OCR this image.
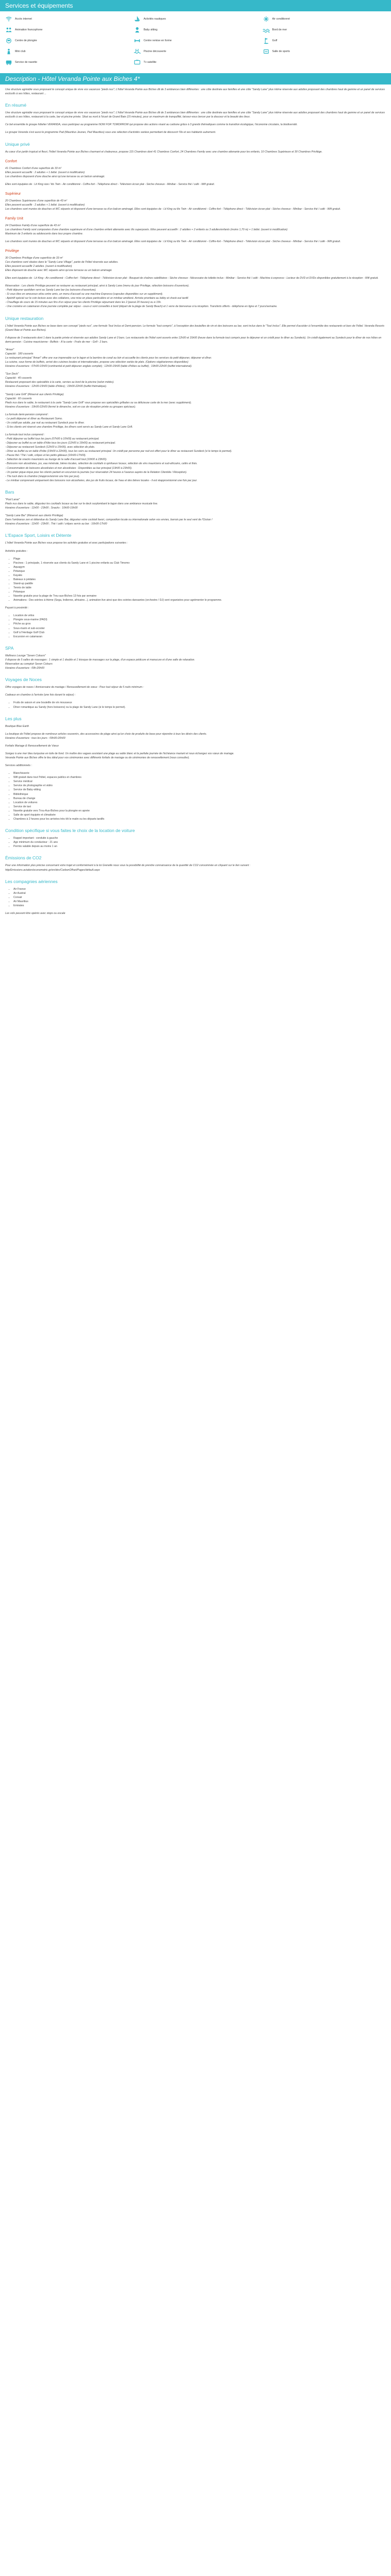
Services et équipements
Accès internet	Activités nautiques	Air conditionné
Animation francophone	Baby sitting	Bord de mer
Centre de plongée	Centre remise en forme	Golf
Mini club	Piscine découverte	Salle de sports
Service de navette	Tv satellite
Description - Hôtel Veranda Pointe aux Biches 4*

Une structure agréable vous proposant le concept unique de vivre vos vacances "pieds nus"; L'hôtel Veranda Pointe aux Biches dit de 3 ambiances bien différentes : une côte destinée aux familles et une côte "Sandy Lane" plus intime réservée aux adultes proposant des chambres haut de gamme et un panel de services exclusifs à ses hôtes, restaurant ...

En résumé

Une structure agréable vous proposant le concept unique de vivre vos vacances "pieds nus"; L'hôtel Veranda Pointe aux Biches dit de 3 ambiances bien différentes : une côte destinée aux familles et une côte "Sandy Lane" plus intime réservée aux adultes proposant des chambres haut de gamme et un panel de services exclusifs à ses hôtes, restaurant à la carte, bar et piscine privée. Situé au nord à l'écart de Grand Baie (15 minutes), pour un maximum de tranquillité, laissez-vous bercer par la douceur et la beauté des lieux.

Ce bel ensemble le groupe hôtelier VERANDA, vous participez au programme NOW FOR TOMORROW qui propose des actions visant au carbone grâce à 3 grands thématiques comme la transition écologique, l'économie circulaire, la biodiversité.

Le groupe Veranda s'est aussi le programme Pad (Mauritius Jeunes, Pad Mauritius) sous une sélection d'activités variées permettant de découvrir l'île et ses habitants autrement.

Unique privé

Au cœur d'un jardin tropical et fleuri, l'hôtel Veranda Pointe aux Biches charmant et chaleureux, propose 115 Chambres dont 41 Chambres Confort, 24 Chambres Family avec une chambre attenante pour les enfants, 10 Chambres Supérieure et 30 Chambres Privilège.

Confort

41 Chambres Confort d'une superficie de 33 m²
Elles peuvent accueillir : 2 adultes + 1 bébé. (ouvert à modification)
Les chambres disposent d'une douche ainsi qu'une terrasse ou un balcon aménagé.

Elles sont équipées de : Lit King size / lits Twin - Air conditionné - Coffre-fort - Téléphone direct - Télévision écran plat - Sèche cheveux - Minibar - Service thé / café - Wifi gratuit.

Supérieur

20 Chambres Supérieures d'une superficie de 43 m²
Elles peuvent accueillir : 2 adultes + 1 bébé. (ouvert à modification)
Les chambres sont munies de douches et WC séparés et disposent d'une terrasse ou d'un balcon aménagé. Elles sont équipées de : Lit King ou lits Twin - Air conditionné - Coffre-fort - Téléphone direct - Télévision écran plat - Sèche cheveux - Minibar - Service thé / café - Wifi gratuit.

Family Unit

24 Chambres Family d'une superficie de 43 m²
Les chambres Family sont composées d'une chambre supérieure et d'une chambre enfant attenante avec lits superposés. Elles peuvent accueillir : 2 adultes + 2 enfants ou 3 adultes/enfants (moins 1,70 m) + 1 bébé. (ouvert à modification)
Maximum de 3 enfants ou adolescents dans leur propre chambre.

Les chambres sont munies de douches et WC séparés et disposent d'une terrasse ou d'un balcon aménagé. Elles sont équipées de : Lit King ou lits Twin - Air conditionné - Coffre-fort - Téléphone direct - Télévision écran plat - Sèche cheveux - Minibar - Service thé / café - Wifi gratuit.

Privilège

30 Chambres Privilège d'une superficie de 33 m²
Ces chambres sont situées dans le "Sandy Lane Village", partie de l'hôtel réservée aux adultes.
Elles peuvent accueillir 2 adultes. (ouvert à modification)
Elles disposent de douche avec WC séparés ainsi qu'une terrasse ou un balcon aménagé.

Elles sont équipées de : Lit King - Air conditionné - Coffre-fort - Téléphone direct - Télévision écran plat - Bouquet de chaînes satellitaires - Sèche cheveux - Nécessaire de toilette inclus - Minibar - Service thé / café - Machine à expresso - Lecteur de DVD et DVDs disponibles gratuitement à la réception - Wifi gratuit.

Réservation : Les clients Privilège peuvent se restaurer au restaurant principal, ainsi à Sandy Lane (menu du jour Privilège, sélection boissons d'ouverture).
- Petit déjeuner quotidien servi au Sandy Lane bar (ou boissons d'ouverture).
- Si vous êtes en amoureux et/ou entre amis, un menu d'accueil ou une machine Expresso (capsules disponibles sur un supplément).
- Apéritif spécial sur le coin lecture avec des collations, une mise en place particulière et un minibar amélioré. Arrivée prioritaire au lobby et check-out tardif.
- Chauffage de cours de 15 minutes aux fins d'un séjour pour les clients Privilège séjournant dans les 2 (passé 20 heures) ou à 15h.
- Une croisière en catamaran d'une journée complète par séjour - ceux-ci sont conseillés à bord (départ de la plage de Sandy Beach) et 1 verre de bienvenue à la réception. Transferts offerts - téléphone en ligne et 7 jours/semaine.

Unique restauration

L'hôtel Veranda Pointe aux Biches se base dans son concept "pieds nus", une formule Tout Inclus et Demi-pension. Le formule "tout compris", à l'exception des bouteilles de vin et des boissons au bar, sont inclus dans le "Tout Inclus". Elle permet d'accéder à l'ensemble des restaurants et bars de l'hôtel. Veranda Resorts (Grand Baie et Pointe aux Biches).

Il dispose de 3 restaurants dont 1 dans la partie privée et réservée aux adultes Sandy Lane et 3 bars. Les restaurants de l'hôtel sont ouverts entre 12h00 et 15h00 (heure dans la formule tout compris pour le déjeuner et un crédit pour le dîner au Sundeck). Un crédit également au Sundeck pour le dîner de nos hôtes en demi-pension : Cuisine mauricienne - Buffets - À la carte - Fruits de mer - Grill - 2 bars.

"Amari"
Capacité : 180 couverts
Le restaurant principal "Amari" offre une vue imprenable sur le lagon et la barrière de corail au loin et accueille les clients pour les services du petit déjeuner, déjeuner et dîner.
La cuisine, sous forme de buffets, arrivé des cuisines locales et internationales, propose une sélection variée de plats. (Options végétariennes disponibles)
Horaires d'ouverture : 07h00-10h00 (continental et petit déjeuner anglais complet) ; 12h00-15h00 (table d'hôtes ou buffet) ; 19h00-22h00 (buffet international).

"Sun Deck"
Capacité : 40 couverts
Restaurant proposant des spécialités à la carte, servies au bord de la piscine (selon météo).
Horaires d'ouverture : 12h00-15h00 (table d'hôtes) ; 19h00-22h00 (buffet thématique).

"Sandy Lane Grill" (Réservé aux clients Privilège)
Capacité : 60 couverts
Pieds nus dans le sable, le restaurant à la carte "Sandy Lane Grill" vous propose ses spécialités grillades ou sa délicieuse carte de la mer (avec supplément).
Horaires d'ouverture : 19h00-22h00 (fermé le dimanche, soit en cas de réception privée ou groupes spéciaux).

La formule demi-pension comprend :
- Le petit déjeuner et dîner au Restaurant Somo.
- Un crédit par adulte, par nuit au restaurant Sundeck pour le dîner.
- Si les clients ont réservé une chambre Privilège, les dîners sont servis au Sandy Lane et Sandy Lane Grill.

La formule tout inclus comprend :
- Petit déjeuner au buffet tous les jours (07h00 à 10h00) au restaurant principal.
- Déjeuner au buffet ou en table d'hôte tous les jours (12h00 à 15h00) au restaurant principal.
- Déjeuner au restaurant Sundeck (12h00 à 15h00), avec sélection de plats.
- Dîner au buffet ou en table d'hôte (19h00 à 22h00), tous les soirs au restaurant principal. Un crédit par personne par nuit est offert pour le dîner au restaurant Sundeck (si le temps le permet).
- Pause thé / Thé / café, crêpes et les petits gâteaux (16h00-17h00).
- Sélection de snacks mauriciens au lounge de la salle d'accueil tout (10h00 à 23h00).
- Boissons non alcoolisées, jus, eau minérale, bières locales, sélection de cocktails à spiritueux locaux, sélection de vins mauriciens et sud-africains, cafés et thés.
- Consommation de boissons alcoolisées et non alcoolisées : Disponibles au bar principal (13h00 à 23h00).
- Un panier pique-nique pour les clients partant en excursion la journée (sur réservation 24 heures à l'avance auprès de la Relation Clientèle / Réception).
- The tuck dans la chambre (réapprovisionné une fois par jour).
- Le minibar comprenant uniquement des boissons non alcoolisées, des jus de fruits locaux, de l'eau et des bières locales - il est réapprovisionné une fois par jour.

Bars

"Pool Lanai"
Pieds nus dans le sable, dégustez les cocktails locaux au bar sur le deck surplombant le lagon dans une ambiance musicale live.
Horaires d'ouverture : 11h00 - 23h00 ; Snacks : 10h00-19h00

"Sandy Lane Bar" (Réservé aux clients Privilège)
Dans l'ambiance zen et détendue du Sandy Lane Bar, dégustez votre cocktail favori, composition locale ou internationale selon vos envies, barrois par le seul vent de l'Océan !
Horaires d'ouverture : 11h00 - 23h00 ; Thé / café / crêpes servis au bar : 16h00-17h00

L'Espace Sport, Loisirs et Détente

L'hôtel Veranda Pointe aux Biches vous propose les activités gratuites et avec participations suivantes :

Activités gratuites :

• Plage
• Piscines : 1 principale, 1 réservée aux clients du Sandy Lane et 1 piscine enfants au Club Timomo
• Aquagym
• Pétanque
• Kayaks
• Bateaux à pédales
• Stand-up paddle
• Tennis de table
• Pétanque
• Navette gratuite pour la plage de Trou-aux-Biches 13 fois par semaine
• Animations : Des soirées à thème (Sega, Indienne, africaine...), animation live ainsi que des soirées dansantes (orchestre / DJ) sont organisées pour agrémenter le programme.

Payant à proximité :

• Location de vélos
• Plongée sous-marine (PADI)
• Pêche au gros
• Sous-marin et sub-scooter
• Golf à l'Heritage Golf Club
• Excursion en catamaran
SPA

Wellness Lounge "Seven Colours"
Il dispose de 5 salles de massages : 1 simple et 1 double et 1 kiosque de massages sur la plage, d'un espace pédicure et manucure et d'une salle de relaxation.
Réservation au comptoir Seven Colours
Horaires d'ouverture : 09h-20h00

Voyages de Noces

Offre voyages de noces / Anniversaire de mariage / Renouvellement de vœux : Pour tout séjour de 5 nuits minimum :

Cadeaux en chambre à l'arrivée (une fois durant le séjour) :

• Fruits de saison et une bouteille de vin mousseux
• Dîner romantique au Sandy (hors boissons) ou la plage de Sandy Lane (si le temps le permet).
Les plus

Boutique Blue Earth

La boutique de l'hôtel propose de nombreux articles souvenirs, des accessoires de plage ainsi qu'un choix de produits de base pour répondre à tous les désirs des clients.
Horaires d'ouverture : tous les jours : 09h00-20h00

Forfaits Mariage & Renouvellement de Vœux

Songez à une mer bleu turquoise en toile de fond. Un maître des vagues assistant une plage au sable blanc et la parfaite journée de l'échéance mariant et nous échangez vos vœux de mariage.
Veranda Pointe aux Biches offre le lieu idéal pour vos cérémonies avec différents forfaits de mariage ou de cérémonies de renouvellement (nous consulter).

Services additionnels :

• Blanchisserie
• Wifi gratuit dans tout l'hôtel, espaces publics et chambres
• Service médical
• Service de photographie et vidéo
• Service de Baby-sitting
• Bibliothèque
• Bureau de change
• Location de voitures
• Service de taxi
• Navette gratuite vers Trou-Aux-Biches pour la plongée en apnée
• Salle de sport équipée et climatisée
• Chambres à 2 heures pour les arrivées très tôt le matin ou les départs tardifs
Condition spécifique si vous faites le choix de la location de voiture
• Rappel important : conduite à gauche
• Age minimum du conducteur : 21 ans
• Permis valable depuis au moins 1 an
Émissions de CO2

Pour une information plus précise concernant votre trajet et conformément à la loi Grenelle nous vous la possibilité de prendre connaissance de la quantité de CO2 consommée en cliquant sur le lien suivant :
http/Emissions.aviation/econometric.gr/en/dev/CarbonOffset/Pages/default.aspx

Les compagnies aériennes
• Air France
• Air Austral
• Corsair
• Air Mauritius
• Emirates

Les vols peuvent être opérés avec stops ou escale
